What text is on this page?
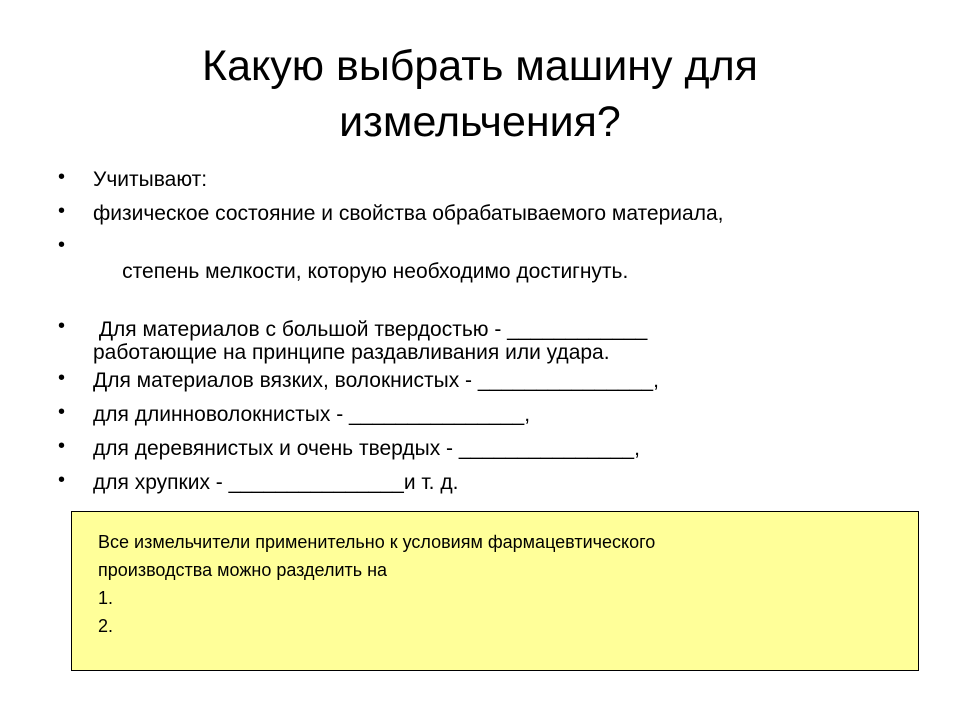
Какую выбрать машину для
измельчения?
• Учитывают:
• физическое состояние и свойства обрабатываемого материала,

•  степень мелкости, которую необходимо достигнуть.

•  Для материалов с большой твердостью - ____________
работающие на принципе раздавливания или удара.
• Для материалов вязких, волокнистых - _______________,
• для длинноволокнистых - _______________,
• для деревянистых и очень твердых - _______________,
• для хрупких - _______________и т. д.

Все измельчители применительно к условиям фармацевтического

производства можно разделить на

1.

2.
